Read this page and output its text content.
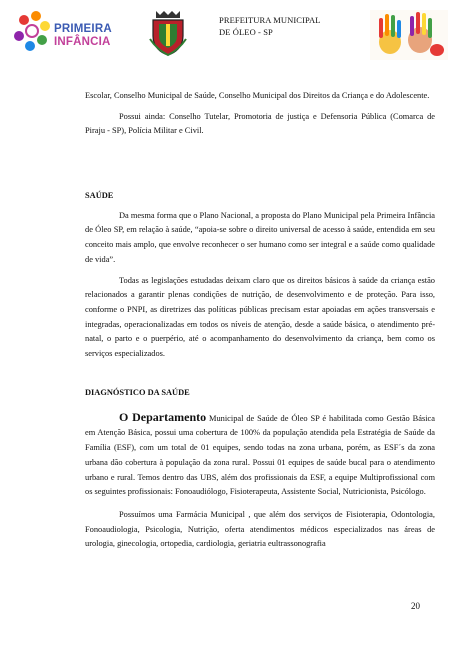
PRIMEIRA
INFÂNCIA
PREFEITURA MUNICIPAL
DE ÓLEO - SP

Escolar, Conselho Municipal de Saúde, Conselho Municipal dos Direitos da Criança e do Adolescente.

Possui ainda: Conselho Tutelar, Promotoria de justiça e Defensoria Pública (Comarca de Piraju - SP), Polícia Militar e Civil.

SAÚDE

Da mesma forma que o Plano Nacional, a proposta do Plano Municipal pela Primeira Infância de Óleo SP, em relação à saúde, “apoia-se sobre o direito universal de acesso à saúde, entendida em seu conceito mais amplo, que envolve reconhecer o ser humano como ser integral e a saúde como qualidade de vida”.

Todas as legislações estudadas deixam claro que os direitos básicos à saúde da criança estão relacionados a garantir plenas condições de nutrição, de desenvolvimento e de proteção. Para isso, conforme o PNPI, as diretrizes das políticas públicas precisam estar apoiadas em ações transversais e integradas, operacionalizadas em todos os níveis de atenção, desde a saúde básica, o atendimento pré-natal, o parto e o puerpério, até o acompanhamento do desenvolvimento da criança, bem como os serviços especializados.

DIAGNÓSTICO DA SAÚDE

O Departamento Municipal de Saúde de Óleo SP é habilitada como Gestão Básica em Atenção Básica, possui uma cobertura de 100% da população atendida pela Estratégia de Saúde da Família (ESF), com um total de 01 equipes, sendo todas na zona urbana, porém, as ESF´s da zona urbana dão cobertura à população da zona rural. Possui 01 equipes de saúde bucal para o atendimento urbano e rural. Temos dentro das UBS, além dos profissionais da ESF, a equipe Multiprofissional com os seguintes profissionais: Fonoaudiólogo, Fisioterapeuta, Assistente Social, Nutricionista, Psicólogo.

Possuímos uma Farmácia Municipal , que além dos serviços de Fisioterapia, Odontologia, Fonoaudiologia, Psicologia, Nutrição, oferta atendimentos médicos especializados nas áreas de urologia, ginecologia, ortopedia, cardiologia, geriatria eultrassonografia

20
